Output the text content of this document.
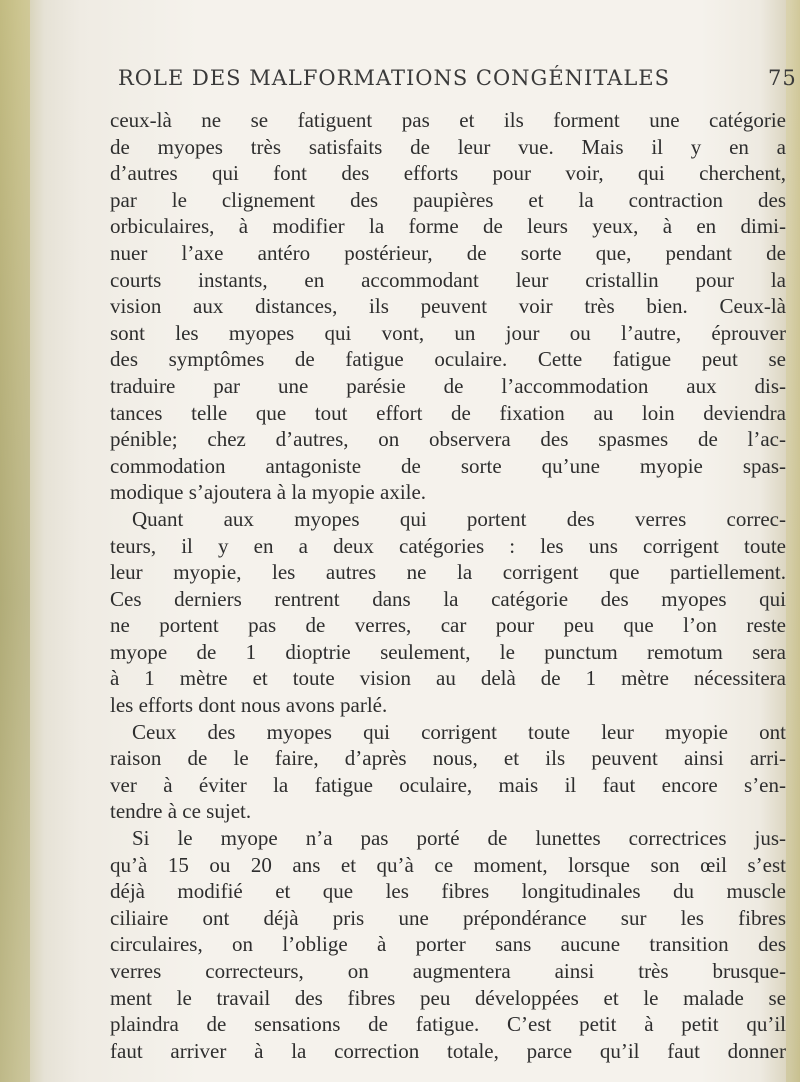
ROLE DES MALFORMATIONS CONGÉNITALES	75
ceux-là ne se fatiguent pas et ils forment une catégorie
de myopes très satisfaits de leur vue. Mais il y en a
d’autres qui font des efforts pour voir, qui cherchent,
par le clignement des paupières et la contraction des
orbiculaires, à modifier la forme de leurs yeux, à en dimi-
nuer l’axe antéro postérieur, de sorte que, pendant de
courts instants, en accommodant leur cristallin pour la
vision aux distances, ils peuvent voir très bien. Ceux-là
sont les myopes qui vont, un jour ou l’autre, éprouver
des symptômes de fatigue oculaire. Cette fatigue peut se
traduire par une parésie de l’accommodation aux dis-
tances telle que tout effort de fixation au loin deviendra
pénible; chez d’autres, on observera des spasmes de l’ac-
commodation antagoniste de sorte qu’une myopie spas-
modique s’ajoutera à la myopie axile.
Quant aux myopes qui portent des verres correc-
teurs, il y en a deux catégories : les uns corrigent toute
leur myopie, les autres ne la corrigent que partiellement.
Ces derniers rentrent dans la catégorie des myopes qui
ne portent pas de verres, car pour peu que l’on reste
myope de 1 dioptrie seulement, le punctum remotum sera
à 1 mètre et toute vision au delà de 1 mètre nécessitera
les efforts dont nous avons parlé.
Ceux des myopes qui corrigent toute leur myopie ont
raison de le faire, d’après nous, et ils peuvent ainsi arri-
ver à éviter la fatigue oculaire, mais il faut encore s’en-
tendre à ce sujet.
Si le myope n’a pas porté de lunettes correctrices jus-
qu’à 15 ou 20 ans et qu’à ce moment, lorsque son œil s’est
déjà modifié et que les fibres longitudinales du muscle
ciliaire ont déjà pris une prépondérance sur les fibres
circulaires, on l’oblige à porter sans aucune transition des
verres correcteurs, on augmentera ainsi très brusque-
ment le travail des fibres peu développées et le malade se
plaindra de sensations de fatigue. C’est petit à petit qu’il
faut arriver à la correction totale, parce qu’il faut donner
